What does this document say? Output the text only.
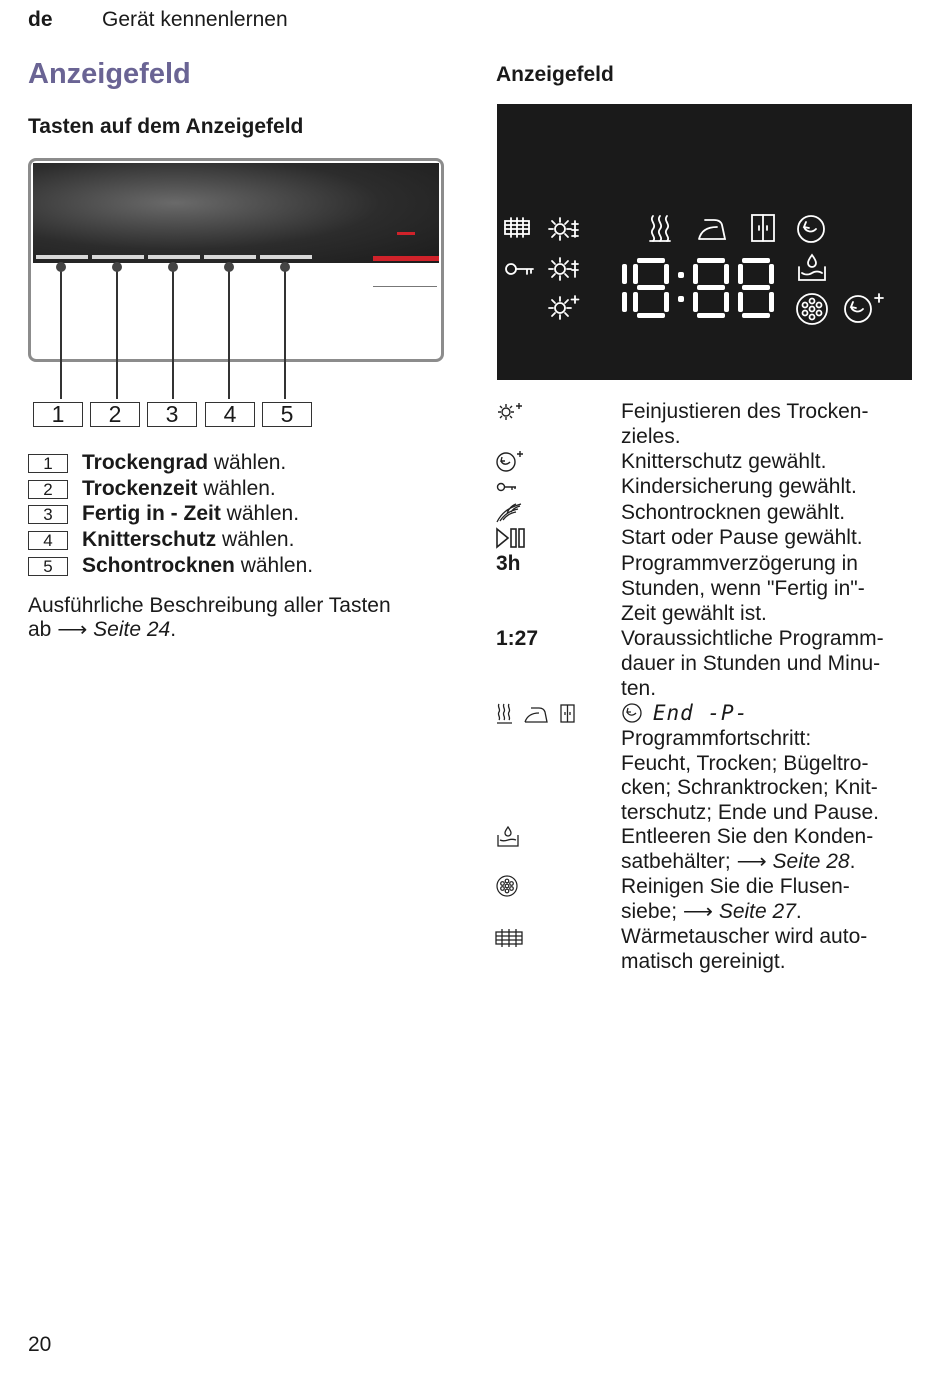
de Gerät kennenlernen
Anzeigefeld
Tasten auf dem Anzeigefeld
Anzeigefeld
1	2	3	4	5
1 Trockengrad wählen.
2 Trockenzeit wählen.
3 Fertig in - Zeit wählen.
4 Knitterschutz wählen.
5 Schontrocknen wählen.
Ausführliche Beschreibung aller Tasten
ab ⟶ Seite 24.
Feinjustieren des Trocken-
zieles.
Knitterschutz gewählt.
Kindersicherung gewählt.
Schontrocknen gewählt.
Start oder Pause gewählt.
3h	Programmverzögerung in
Stunden, wenn "Fertig in"-
Zeit gewählt ist.
1:27	Voraussichtliche Programm-
dauer in Stunden und Minu-
ten.
End -P-
Programmfortschritt:
Feucht, Trocken; Bügeltro-
cken; Schranktrocken; Knit-
terschutz; Ende und Pause.
Entleeren Sie den Konden-
satbehälter; ⟶ Seite 28.
Reinigen Sie die Flusen-
siebe; ⟶ Seite 27.
Wärmetauscher wird auto-
matisch gereinigt.
20
